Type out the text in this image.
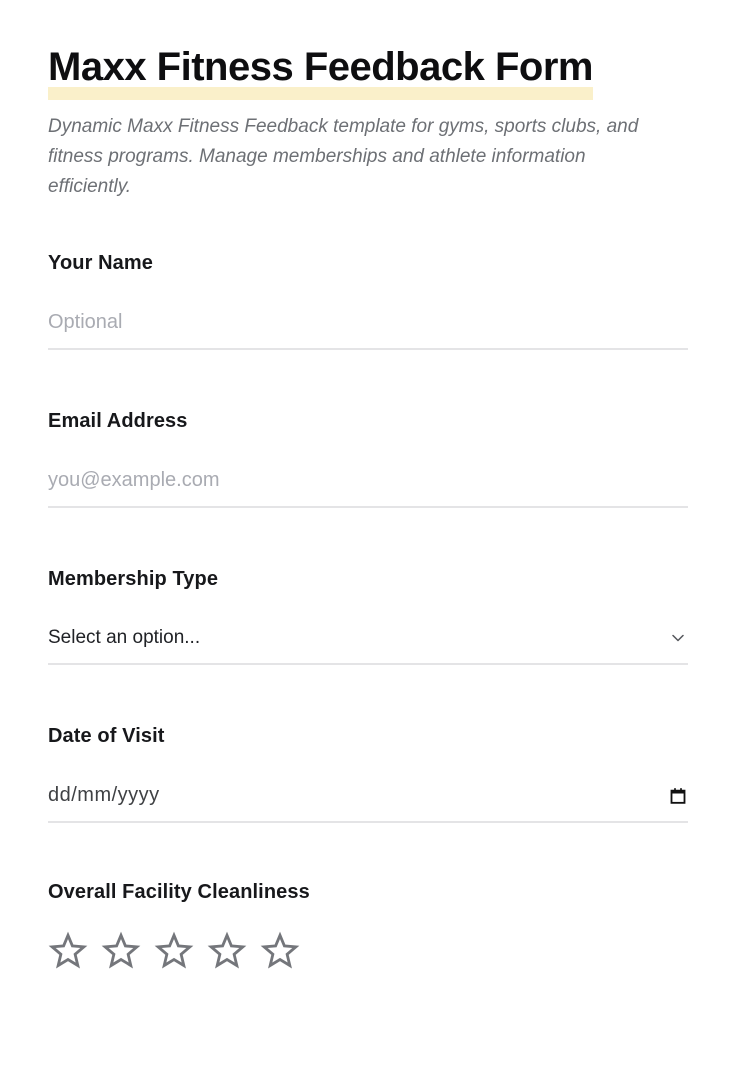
Maxx Fitness Feedback Form

Dynamic Maxx Fitness Feedback template for gyms, sports clubs, and fitness programs. Manage memberships and athlete information efficiently.

Your Name
Optional
Email Address
you@example.com
Membership Type
Select an option...
Date of Visit
dd/mm/yyyy
Overall Facility Cleanliness
